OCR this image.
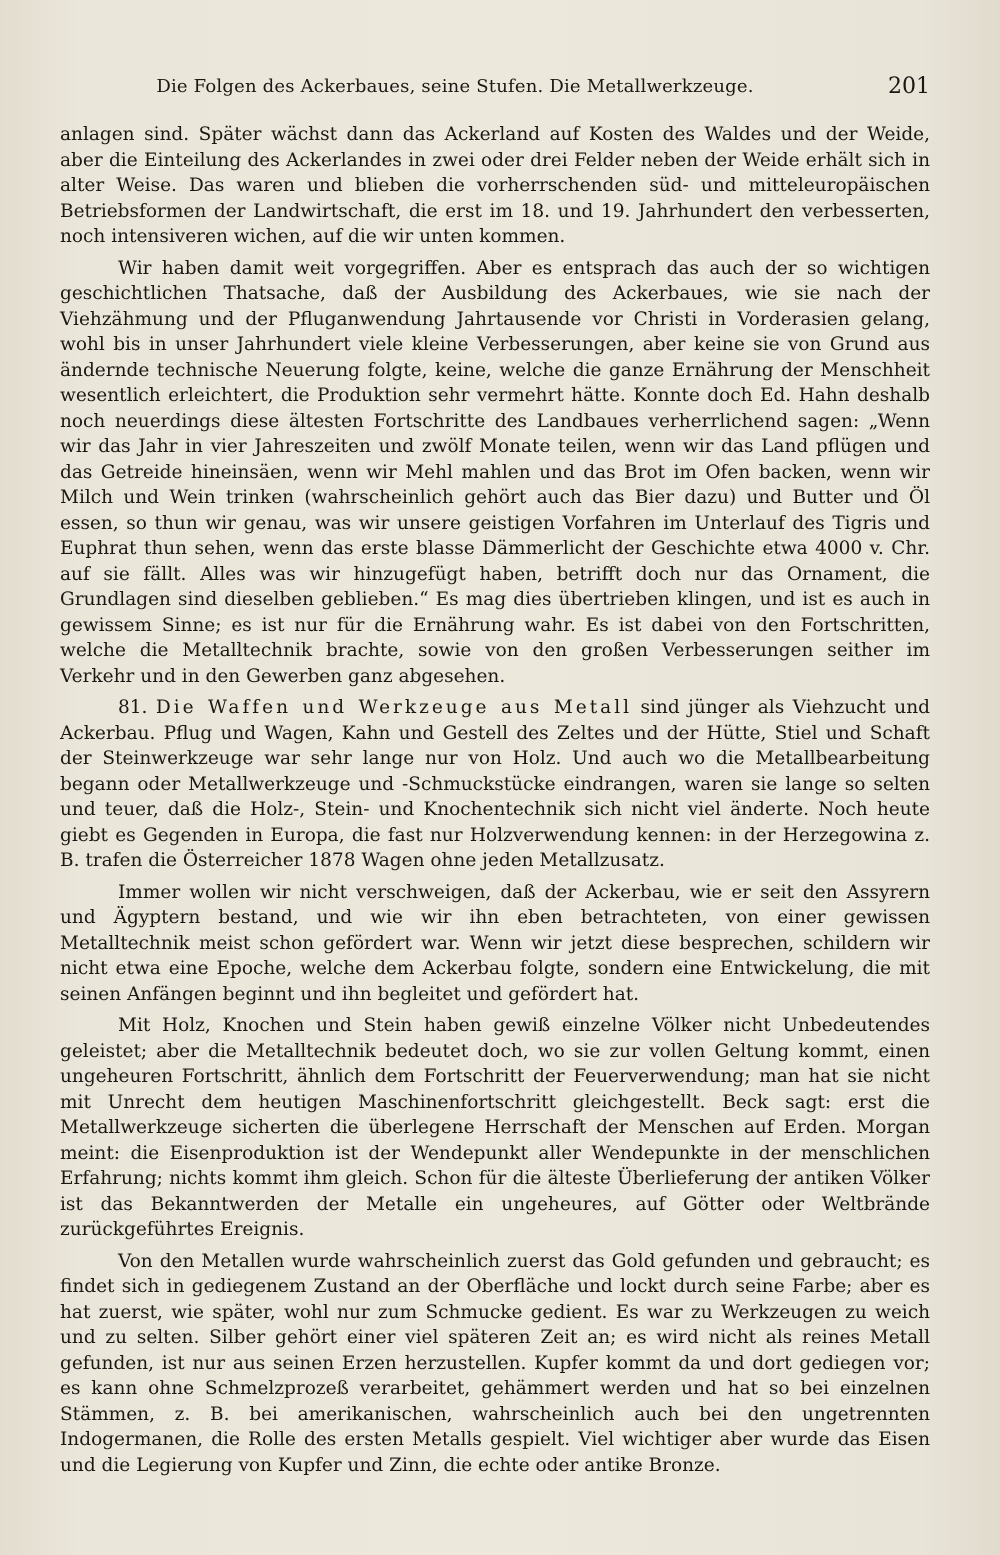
Die Folgen des Ackerbaues, seine Stufen. Die Metallwerkzeuge.	201

anlagen sind. Später wächst dann das Ackerland auf Kosten des Waldes und der Weide, aber die Einteilung des Ackerlandes in zwei oder drei Felder neben der Weide erhält sich in alter Weise. Das waren und blieben die vorherrschenden süd- und mitteleuropäischen Betriebsformen der Landwirtschaft, die erst im 18. und 19. Jahrhundert den verbesserten, noch intensiveren wichen, auf die wir unten kommen.

Wir haben damit weit vorgegriffen. Aber es entsprach das auch der so wichtigen geschichtlichen Thatsache, daß der Ausbildung des Ackerbaues, wie sie nach der Viehzähmung und der Pfluganwendung Jahrtausende vor Christi in Vorderasien gelang, wohl bis in unser Jahrhundert viele kleine Verbesserungen, aber keine sie von Grund aus ändernde technische Neuerung folgte, keine, welche die ganze Ernährung der Menschheit wesentlich erleichtert, die Produktion sehr vermehrt hätte. Konnte doch Ed. Hahn deshalb noch neuerdings diese ältesten Fortschritte des Landbaues verherrlichend sagen: „Wenn wir das Jahr in vier Jahreszeiten und zwölf Monate teilen, wenn wir das Land pflügen und das Getreide hineinsäen, wenn wir Mehl mahlen und das Brot im Ofen backen, wenn wir Milch und Wein trinken (wahrscheinlich gehört auch das Bier dazu) und Butter und Öl essen, so thun wir genau, was wir unsere geistigen Vorfahren im Unterlauf des Tigris und Euphrat thun sehen, wenn das erste blasse Dämmerlicht der Geschichte etwa 4000 v. Chr. auf sie fällt. Alles was wir hinzugefügt haben, betrifft doch nur das Ornament, die Grundlagen sind dieselben geblieben.“ Es mag dies übertrieben klingen, und ist es auch in gewissem Sinne; es ist nur für die Ernährung wahr. Es ist dabei von den Fortschritten, welche die Metalltechnik brachte, sowie von den großen Verbesserungen seither im Verkehr und in den Gewerben ganz abgesehen.

81. Die Waffen und Werkzeuge aus Metall sind jünger als Viehzucht und Ackerbau. Pflug und Wagen, Kahn und Gestell des Zeltes und der Hütte, Stiel und Schaft der Steinwerkzeuge war sehr lange nur von Holz. Und auch wo die Metallbearbeitung begann oder Metallwerkzeuge und -Schmuckstücke eindrangen, waren sie lange so selten und teuer, daß die Holz-, Stein- und Knochentechnik sich nicht viel änderte. Noch heute giebt es Gegenden in Europa, die fast nur Holzverwendung kennen: in der Herzegowina z. B. trafen die Österreicher 1878 Wagen ohne jeden Metallzusatz.

Immer wollen wir nicht verschweigen, daß der Ackerbau, wie er seit den Assyrern und Ägyptern bestand, und wie wir ihn eben betrachteten, von einer gewissen Metalltechnik meist schon gefördert war. Wenn wir jetzt diese besprechen, schildern wir nicht etwa eine Epoche, welche dem Ackerbau folgte, sondern eine Entwickelung, die mit seinen Anfängen beginnt und ihn begleitet und gefördert hat.

Mit Holz, Knochen und Stein haben gewiß einzelne Völker nicht Unbedeutendes geleistet; aber die Metalltechnik bedeutet doch, wo sie zur vollen Geltung kommt, einen ungeheuren Fortschritt, ähnlich dem Fortschritt der Feuerverwendung; man hat sie nicht mit Unrecht dem heutigen Maschinenfortschritt gleichgestellt. Beck sagt: erst die Metallwerkzeuge sicherten die überlegene Herrschaft der Menschen auf Erden. Morgan meint: die Eisenproduktion ist der Wendepunkt aller Wendepunkte in der menschlichen Erfahrung; nichts kommt ihm gleich. Schon für die älteste Überlieferung der antiken Völker ist das Bekanntwerden der Metalle ein ungeheures, auf Götter oder Weltbrände zurückgeführtes Ereignis.

Von den Metallen wurde wahrscheinlich zuerst das Gold gefunden und gebraucht; es findet sich in gediegenem Zustand an der Oberfläche und lockt durch seine Farbe; aber es hat zuerst, wie später, wohl nur zum Schmucke gedient. Es war zu Werkzeugen zu weich und zu selten. Silber gehört einer viel späteren Zeit an; es wird nicht als reines Metall gefunden, ist nur aus seinen Erzen herzustellen. Kupfer kommt da und dort gediegen vor; es kann ohne Schmelzprozeß verarbeitet, gehämmert werden und hat so bei einzelnen Stämmen, z. B. bei amerikanischen, wahrscheinlich auch bei den ungetrennten Indogermanen, die Rolle des ersten Metalls gespielt. Viel wichtiger aber wurde das Eisen und die Legierung von Kupfer und Zinn, die echte oder antike Bronze.
